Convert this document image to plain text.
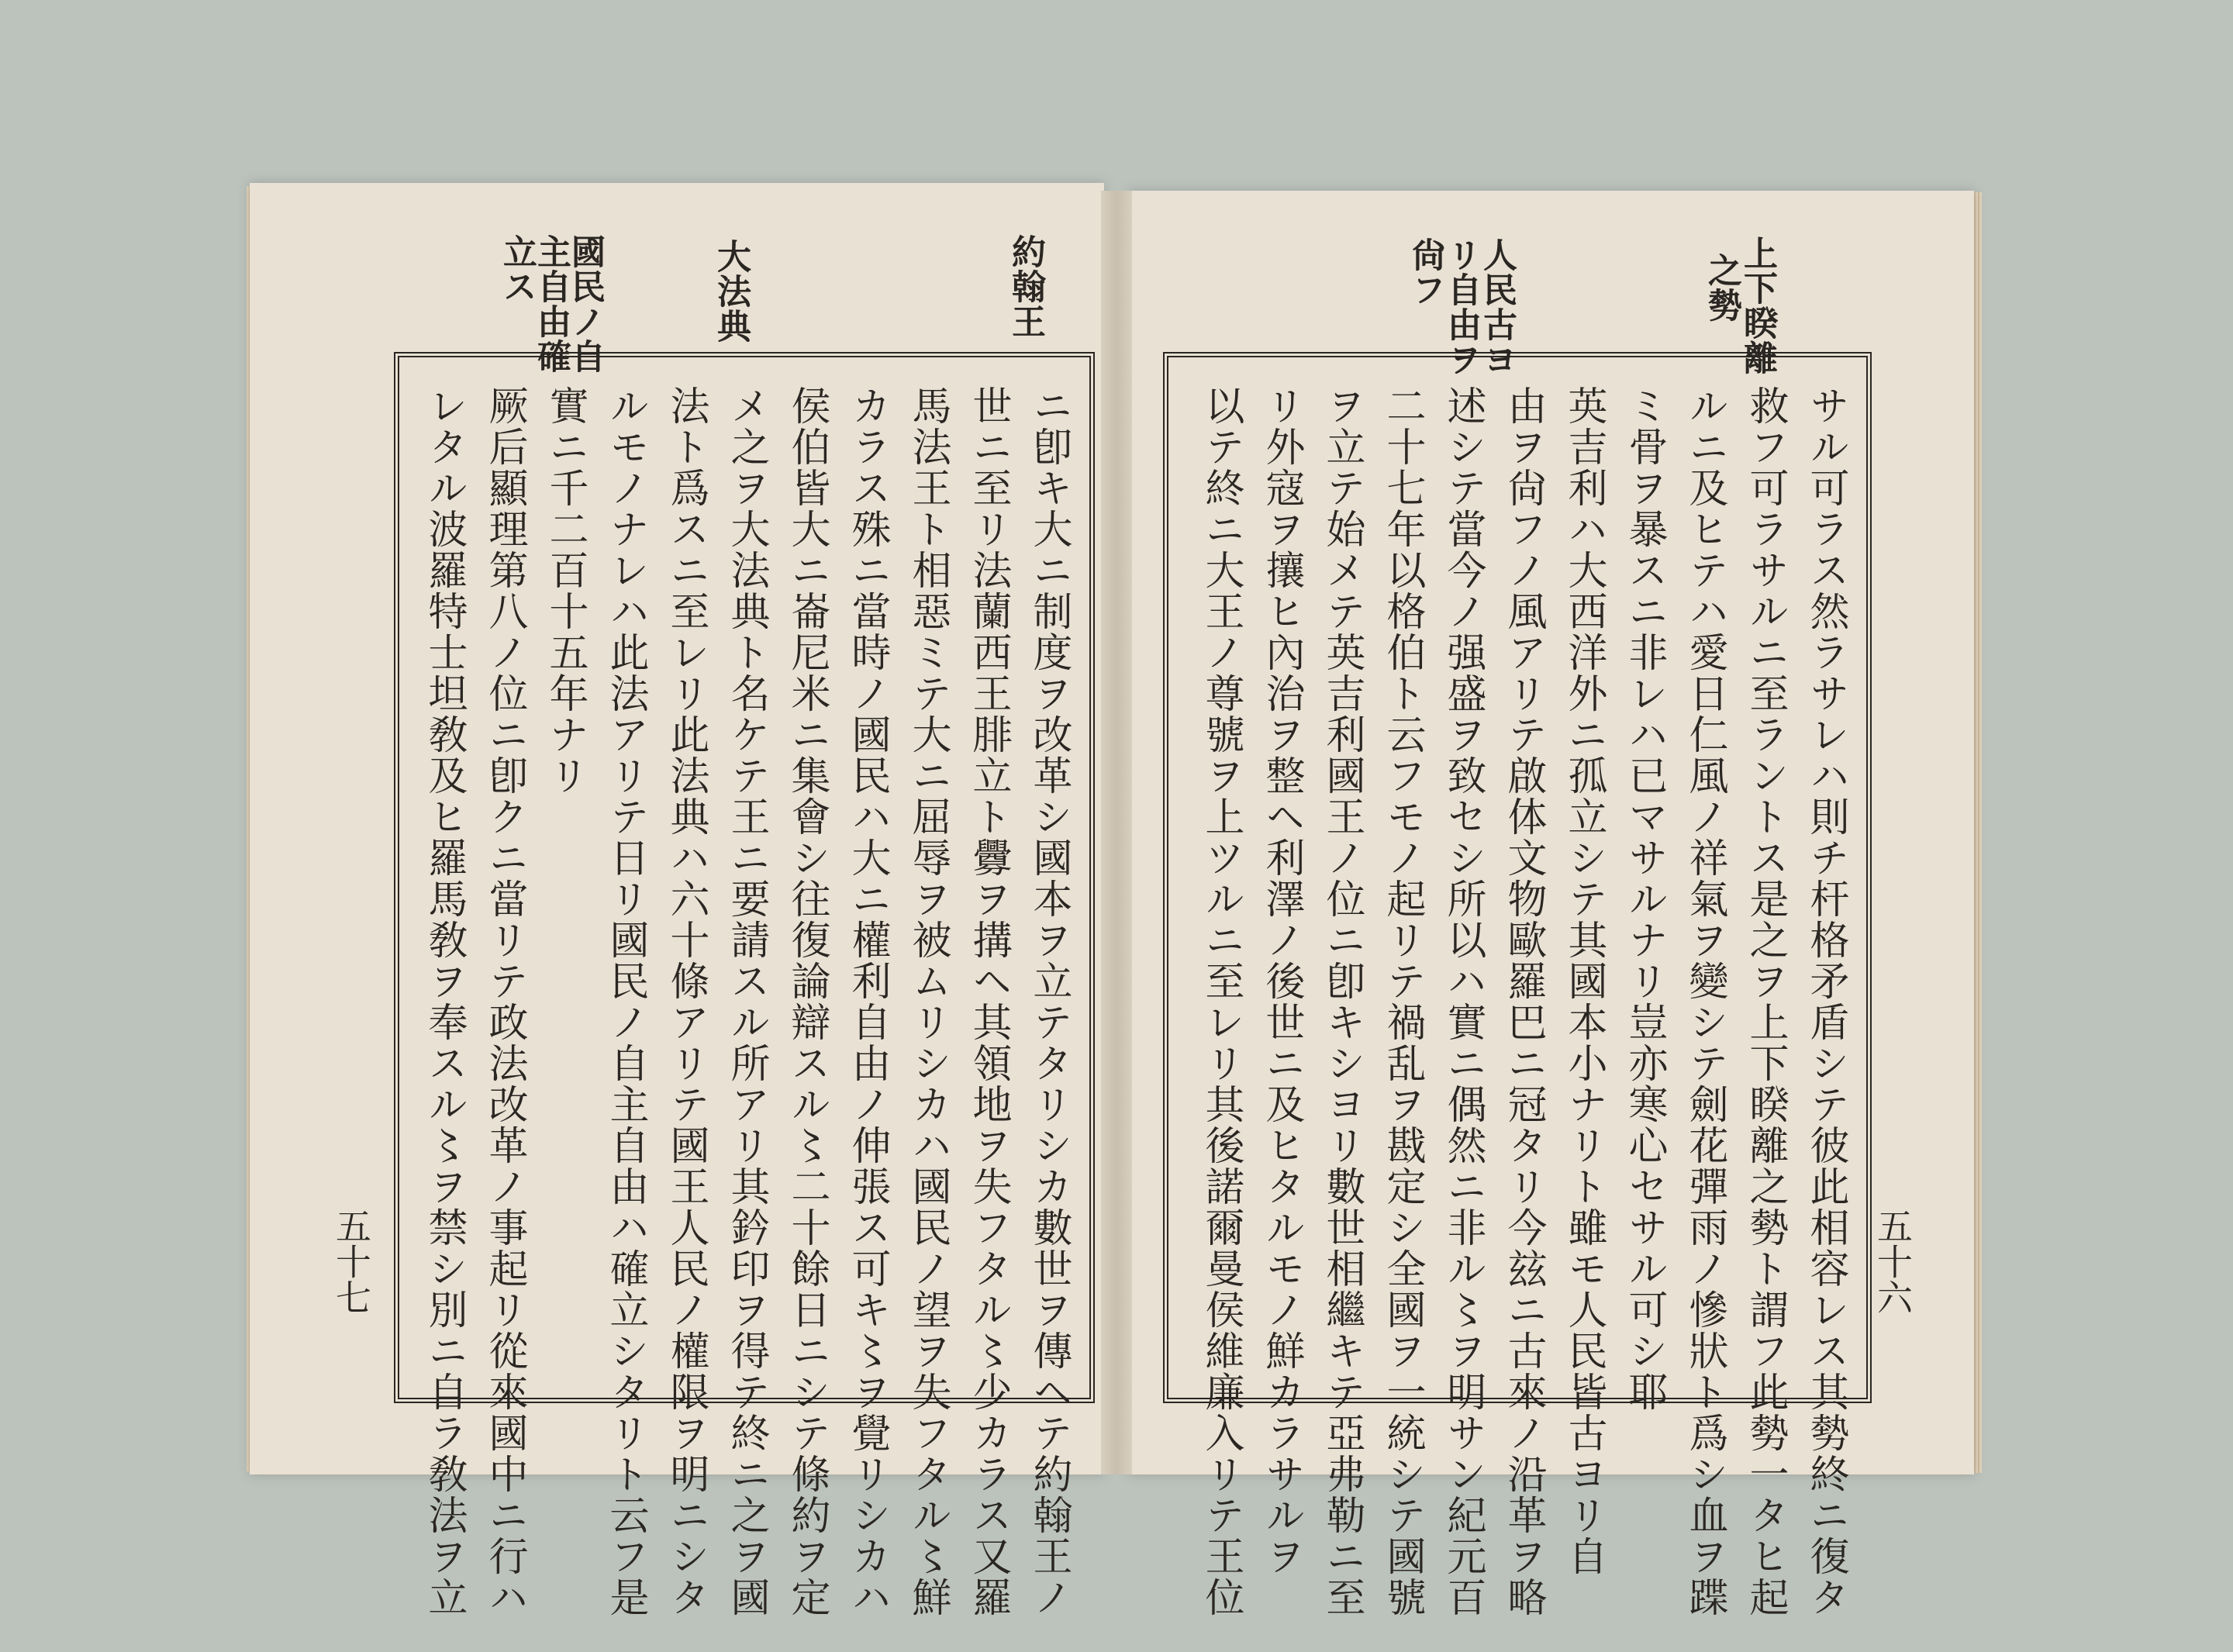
約翰王
大法典
國民ノ自
主自由確
立ス
ニ卽キ大ニ制度ヲ改革シ國本ヲ立テタリシカ數世ヲ傳ヘテ約翰王ノ
世ニ至リ法蘭西王腓立ト釁ヲ搆ヘ其領地ヲ失フタル〻少カラス又羅
馬法王ト相惡ミテ大ニ屈辱ヲ被ムリシカハ國民ノ望ヲ失フタル〻鮮
カラス殊ニ當時ノ國民ハ大ニ權利自由ノ伸張ス可キ〻ヲ覺リシカハ
侯伯皆大ニ崙尼米ニ集會シ往復論辯スル〻二十餘日ニシテ條約ヲ定
メ之ヲ大法典ト名ケテ王ニ要請スル所アリ其鈐印ヲ得テ終ニ之ヲ國
法ト爲スニ至レリ此法典ハ六十條アリテ國王人民ノ權限ヲ明ニシタ
ルモノナレハ此法アリテ日リ國民ノ自主自由ハ確立シタリト云フ是
實ニ千二百十五年ナリ
厥后顯理第八ノ位ニ卽クニ當リテ政法改革ノ事起リ從來國中ニ行ハ
レタル波羅特士坦敎及ヒ羅馬敎ヲ奉スル〻ヲ禁シ別ニ自ラ敎法ヲ立
五十七
上下睽離
之勢
人民古ヨ
リ自由ヲ
尙フ
サル可ラス然ラサレハ則チ杆格矛盾シテ彼此相容レス其勢終ニ復タ
救フ可ラサルニ至ラントス是之ヲ上下睽離之勢ト謂フ此勢一タヒ起
ルニ及ヒテハ愛日仁風ノ祥氣ヲ變シテ劍花彈雨ノ慘狀ト爲シ血ヲ蹀
ミ骨ヲ暴スニ非レハ已マサルナリ豈亦寒心セサル可シ耶
英吉利ハ大西洋外ニ孤立シテ其國本小ナリト雖モ人民皆古ヨリ自
由ヲ尙フノ風アリテ啟体文物歐羅巴ニ冠タリ今玆ニ古來ノ沿革ヲ略
述シテ當今ノ强盛ヲ致セシ所以ハ實ニ偶然ニ非ル〻ヲ明サン紀元百
二十七年以格伯ト云フモノ起リテ禍乱ヲ戡定シ全國ヲ一統シテ國號
ヲ立テ始メテ英吉利國王ノ位ニ卽キシヨリ數世相繼キテ亞弗勒ニ至
リ外寇ヲ攘ヒ內治ヲ整ヘ利澤ノ後世ニ及ヒタルモノ鮮カラサルヲ
以テ終ニ大王ノ尊號ヲ上ツルニ至レリ其後諾爾曼侯維廉入リテ王位	五十六
